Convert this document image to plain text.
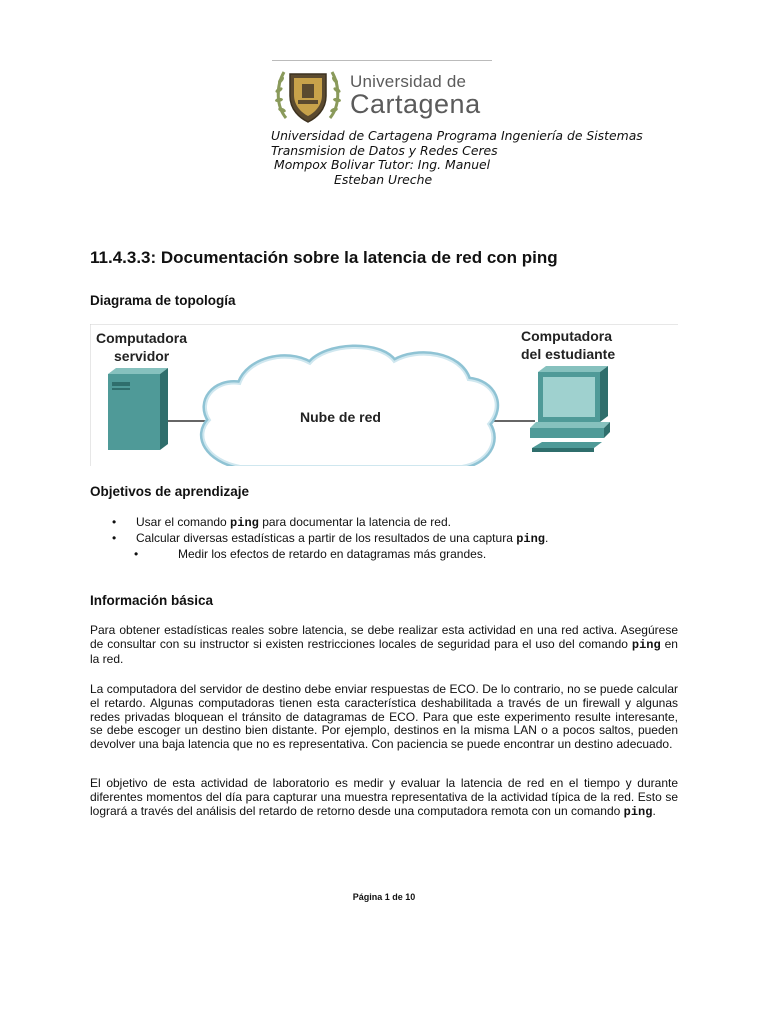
Universidad de
Cartagena
Universidad de Cartagena Programa Ingeniería de Sistemas
Transmision de Datos y Redes Ceres
Mompox Bolivar Tutor: Ing. Manuel
Esteban Ureche
11.4.3.3: Documentación sobre la latencia de red con ping
Diagrama de topología
Computadora
servidor
Computadora
del estudiante
Nube de red
Objetivos de aprendizaje
•	Usar el comando ping para documentar la latencia de red.
•	Calcular diversas estadísticas a partir de los resultados de una captura ping.
•	Medir los efectos de retardo en datagramas más grandes.
Información básica

Para obtener estadísticas reales sobre latencia, se debe realizar esta actividad en una red activa. Asegúrese de consultar con su instructor si existen restricciones locales de seguridad para el uso del comando ping en la red.

La computadora del servidor de destino debe enviar respuestas de ECO. De lo contrario, no se puede calcular el retardo. Algunas computadoras tienen esta característica deshabilitada a través de un firewall y algunas redes privadas bloquean el tránsito de datagramas de ECO. Para que este experimento resulte interesante, se debe escoger un destino bien distante. Por ejemplo, destinos en la misma LAN o a pocos saltos, pueden devolver una baja latencia que no es representativa. Con paciencia se puede encontrar un destino adecuado.

El objetivo de esta actividad de laboratorio es medir y evaluar la latencia de red en el tiempo y durante diferentes momentos del día para capturar una muestra representativa de la actividad típica de la red. Esto se logrará a través del análisis del retardo de retorno desde una computadora remota con un comando ping.

Página 1 de 10
